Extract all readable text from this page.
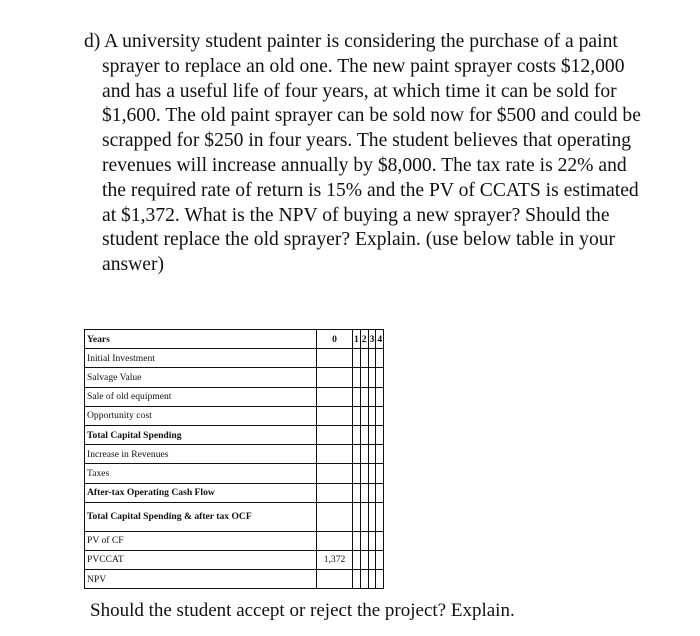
d) A university student painter is considering the purchase of a paint sprayer to replace an old one. The new paint sprayer costs $12,000 and has a useful life of four years, at which time it can be sold for $1,600. The old paint sprayer can be sold now for $500 and could be scrapped for $250 in four years. The student believes that operating revenues will increase annually by $8,000. The tax rate is 22% and the required rate of return is 15% and the PV of CCATS is estimated at $1,372. What is the NPV of buying a new sprayer? Should the student replace the old sprayer? Explain. (use below table in your answer)

Years	0	1	2	3	4
Initial Investment					
Salvage Value					
Sale of old equipment					
Opportunity cost					
Total Capital Spending					
Increase in Revenues					
Taxes					
After-tax Operating Cash Flow					
Total Capital Spending & after tax OCF					
PV of CF					
PVCCAT	1,372				
NPV					
Should the student accept or reject the project? Explain.
